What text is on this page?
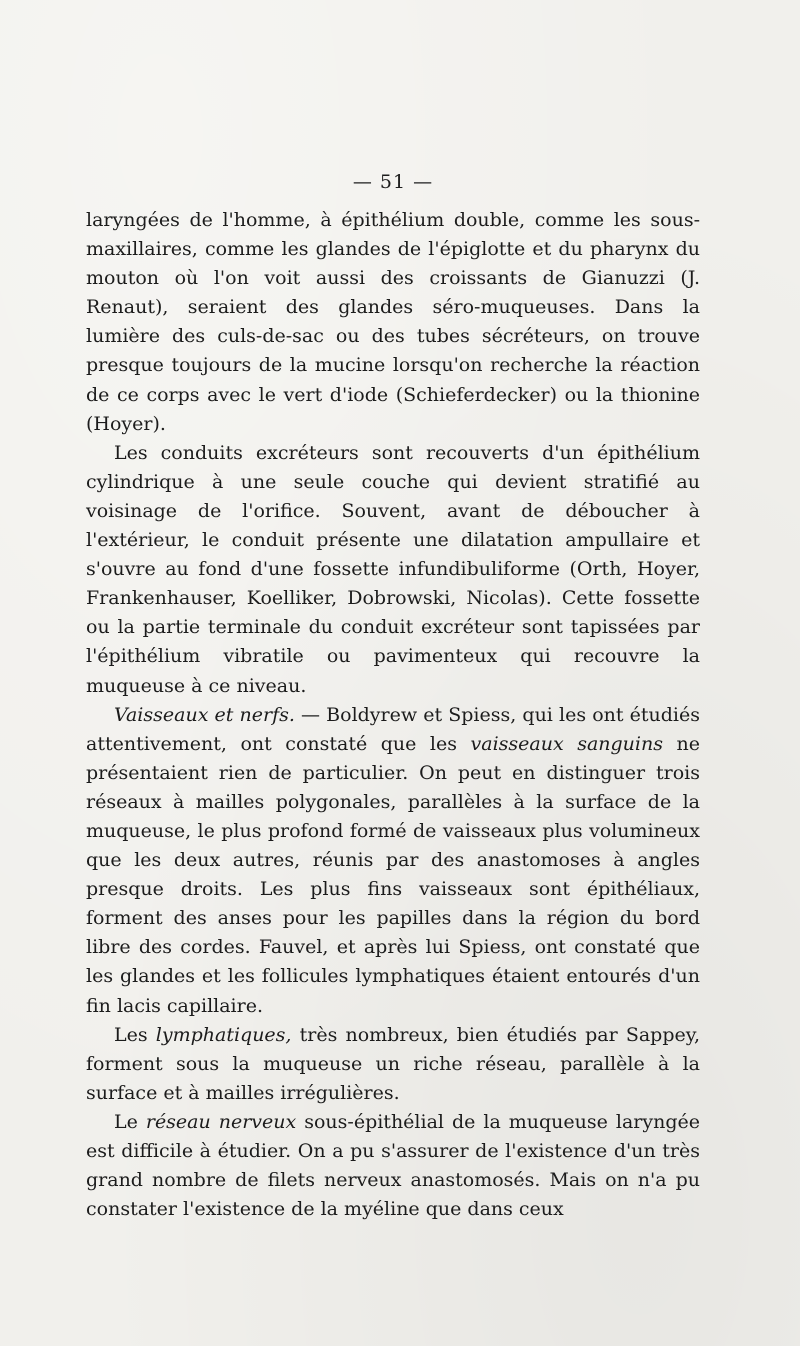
— 51 —

laryngées de l'homme, à épithélium double, comme les sous-maxillaires, comme les glandes de l'épiglotte et du pharynx du mouton où l'on voit aussi des croissants de Gianuzzi (J. Renaut), seraient des glandes séro-muqueuses. Dans la lumière des culs-de-sac ou des tubes sécréteurs, on trouve presque toujours de la mucine lorsqu'on recherche la réaction de ce corps avec le vert d'iode (Schieferdecker) ou la thionine (Hoyer).

Les conduits excréteurs sont recouverts d'un épithélium cylindrique à une seule couche qui devient stratifié au voisinage de l'orifice. Souvent, avant de déboucher à l'extérieur, le conduit présente une dilatation ampullaire et s'ouvre au fond d'une fossette infundibuliforme (Orth, Hoyer, Frankenhauser, Koelliker, Dobrowski, Nicolas). Cette fossette ou la partie terminale du conduit excréteur sont tapissées par l'épithélium vibratile ou pavimenteux qui recouvre la muqueuse à ce niveau.

Vaisseaux et nerfs. — Boldyrew et Spiess, qui les ont étudiés attentivement, ont constaté que les vaisseaux sanguins ne présentaient rien de particulier. On peut en distinguer trois réseaux à mailles polygonales, parallèles à la surface de la muqueuse, le plus profond formé de vaisseaux plus volumineux que les deux autres, réunis par des anastomoses à angles presque droits. Les plus fins vaisseaux sont épithéliaux, forment des anses pour les papilles dans la région du bord libre des cordes. Fauvel, et après lui Spiess, ont constaté que les glandes et les follicules lymphatiques étaient entourés d'un fin lacis capillaire.

Les lymphatiques, très nombreux, bien étudiés par Sappey, forment sous la muqueuse un riche réseau, parallèle à la surface et à mailles irrégulières.

Le réseau nerveux sous-épithélial de la muqueuse laryngée est difficile à étudier. On a pu s'assurer de l'existence d'un très grand nombre de filets nerveux anastomosés. Mais on n'a pu constater l'existence de la myéline que dans ceux
